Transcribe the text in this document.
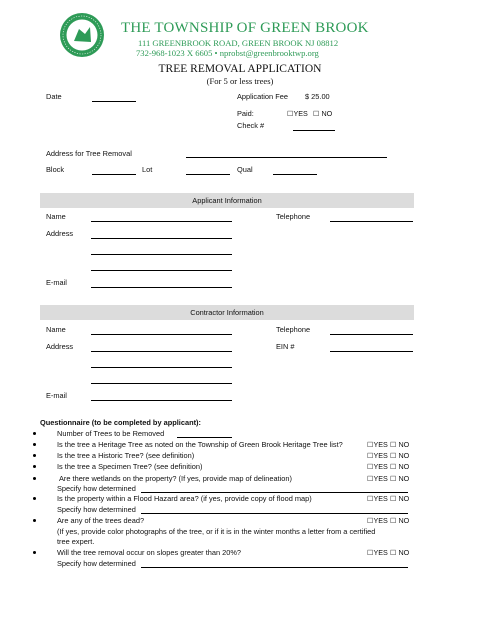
THE TOWNSHIP OF GREEN BROOK
111 GREENBROOK ROAD, GREEN BROOK NJ 08812
732-968-1023 X 6605 • nprobst@greenbrooktwp.org
TREE REMOVAL APPLICATION
(For 5 or less trees)
Date	Application Fee $ 25.00
Paid:	☐YES ☐ NO
Check #
Address for Tree Removal
Block	Lot	Qual
Applicant Information
Name	Telephone
Address
E-mail
Contractor Information
Name	Telephone
Address	EIN #
E-mail
Questionnaire (to be completed by applicant):
Number of Trees to be Removed
Is the tree a Heritage Tree as noted on the Township of Green Brook Heritage Tree list?	☐YES ☐ NO
Is the tree a Historic Tree? (see definition)	☐YES ☐ NO
Is the tree a Specimen Tree? (see definition)	☐YES ☐ NO
Are there wetlands on the property? (If yes, provide map of delineation)	☐YES ☐ NO
Specify how determined
Is the property within a Flood Hazard area? (if yes, provide copy of flood map)	☐YES ☐ NO
Specify how determined
Are any of the trees dead?	☐YES ☐ NO
(If yes, provide color photographs of the tree, or if it is in the winter months a letter from a certified
tree expert.
Will the tree removal occur on slopes greater than 20%?	☐YES ☐ NO
Specify how determined
